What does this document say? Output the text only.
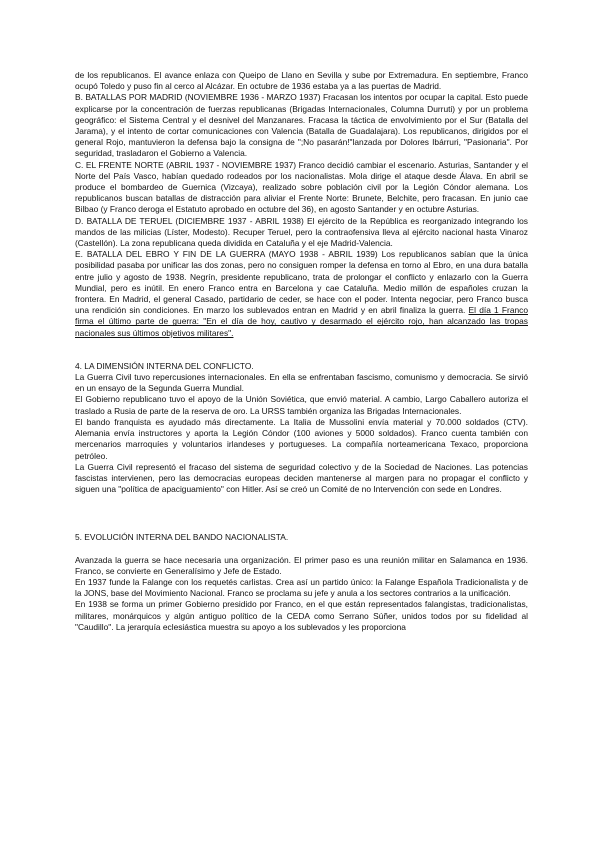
de los republicanos. El avance enlaza con Queipo de Llano en Sevilla y sube por Extremadura. En septiembre, Franco ocupó Toledo y puso fin al cerco al Alcázar. En octubre de 1936 estaba ya a las puertas de Madrid.

B. BATALLAS POR MADRID (NOVIEMBRE 1936 - MARZO 1937) Fracasan los intentos por ocupar la capital. Esto puede explicarse por la concentración de fuerzas republicanas (Brigadas Internacionales, Columna Durruti) y por un problema geográfico: el Sistema Central y el desnivel del Manzanares. Fracasa la táctica de envolvimiento por el Sur (Batalla del Jarama), y el intento de cortar comunicaciones con Valencia (Batalla de Guadalajara). Los republicanos, dirigidos por el general Rojo, mantuvieron la defensa bajo la consigna de ";No pasarán!"lanzada por Dolores Ibárruri, "Pasionaria". Por seguridad, trasladaron el Gobierno a Valencia.

C. EL FRENTE NORTE (ABRIL 1937 - NOVIEMBRE 1937) Franco decidió cambiar el escenario. Asturias, Santander y el Norte del País Vasco, habían quedado rodeados por los nacionalistas. Mola dirige el ataque desde Álava. En abril se produce el bombardeo de Guernica (Vizcaya), realizado sobre población civil por la Legión Cóndor alemana. Los republicanos buscan batallas de distracción para aliviar el Frente Norte: Brunete, Belchite, pero fracasan. En junio cae Bilbao (y Franco deroga el Estatuto aprobado en octubre del 36), en agosto Santander y en octubre Asturias.

D. BATALLA DE TERUEL (DICIEMBRE 1937 - ABRIL 1938) El ejército de la República es reorganizado integrando los mandos de las milicias (Líster, Modesto). Recuper Teruel, pero la contraofensiva lleva al ejército nacional hasta Vinaroz (Castellón). La zona republicana queda dividida en Cataluña y el eje Madrid-Valencia.

E. BATALLA DEL EBRO Y FIN DE LA GUERRA (MAYO 1938 - ABRIL 1939) Los republicanos sabían que la única posibilidad pasaba por unificar las dos zonas, pero no consiguen romper la defensa en torno al Ebro, en una dura batalla entre julio y agosto de 1938. Negrín, presidente republicano, trata de prolongar el conflicto y enlazarlo con la Guerra Mundial, pero es inútil. En enero Franco entra en Barcelona y cae Cataluña. Medio millón de españoles cruzan la frontera. En Madrid, el general Casado, partidario de ceder, se hace con el poder. Intenta negociar, pero Franco busca una rendición sin condiciones. En marzo los sublevados entran en Madrid y en abril finaliza la guerra. El día 1 Franco firma el último parte de guerra: "En el día de hoy, cautivo y desarmado el ejército rojo, han alcanzado las tropas nacionales sus últimos objetivos militares".

4. LA DIMENSIÓN INTERNA DEL CONFLICTO.

La Guerra Civil tuvo repercusiones internacionales. En ella se enfrentaban fascismo, comunismo y democracia. Se sirvió en un ensayo de la Segunda Guerra Mundial.

El Gobierno republicano tuvo el apoyo de la Unión Soviética, que envió material. A cambio, Largo Caballero autoriza el traslado a Rusia de parte de la reserva de oro. La URSS también organiza las Brigadas Internacionales.

El bando franquista es ayudado más directamente. La Italia de Mussolini envía material y 70.000 soldados (CTV). Alemania envía instructores y aporta la Legión Cóndor (100 aviones y 5000 soldados). Franco cuenta también con mercenarios marroquíes y voluntarios irlandeses y portugueses. La compañía norteamericana Texaco, proporciona petróleo.

La Guerra Civil representó el fracaso del sistema de seguridad colectivo y de la Sociedad de Naciones. Las potencias fascistas intervienen, pero las democracias europeas deciden mantenerse al margen para no propagar el conflicto y siguen una "política de apaciguamiento" con Hitler. Así se creó un Comité de no Intervención con sede en Londres.

5. EVOLUCIÓN INTERNA DEL BANDO NACIONALISTA.

Avanzada la guerra se hace necesaria una organización. El primer paso es una reunión militar en Salamanca en 1936. Franco, se convierte en Generalísimo y Jefe de Estado.

En 1937 funde la Falange con los requetés carlistas. Crea así un partido único: la Falange Española Tradicionalista y de la JONS, base del Movimiento Nacional. Franco se proclama su jefe y anula a los sectores contrarios a la unificación.

En 1938 se forma un primer Gobierno presidido por Franco, en el que están representados falangistas, tradicionalistas, militares, monárquicos y algún antiguo político de la CEDA como Serrano Súñer, unidos todos por su fidelidad al "Caudillo". La jerarquía eclesiástica muestra su apoyo a los sublevados y les proporciona
